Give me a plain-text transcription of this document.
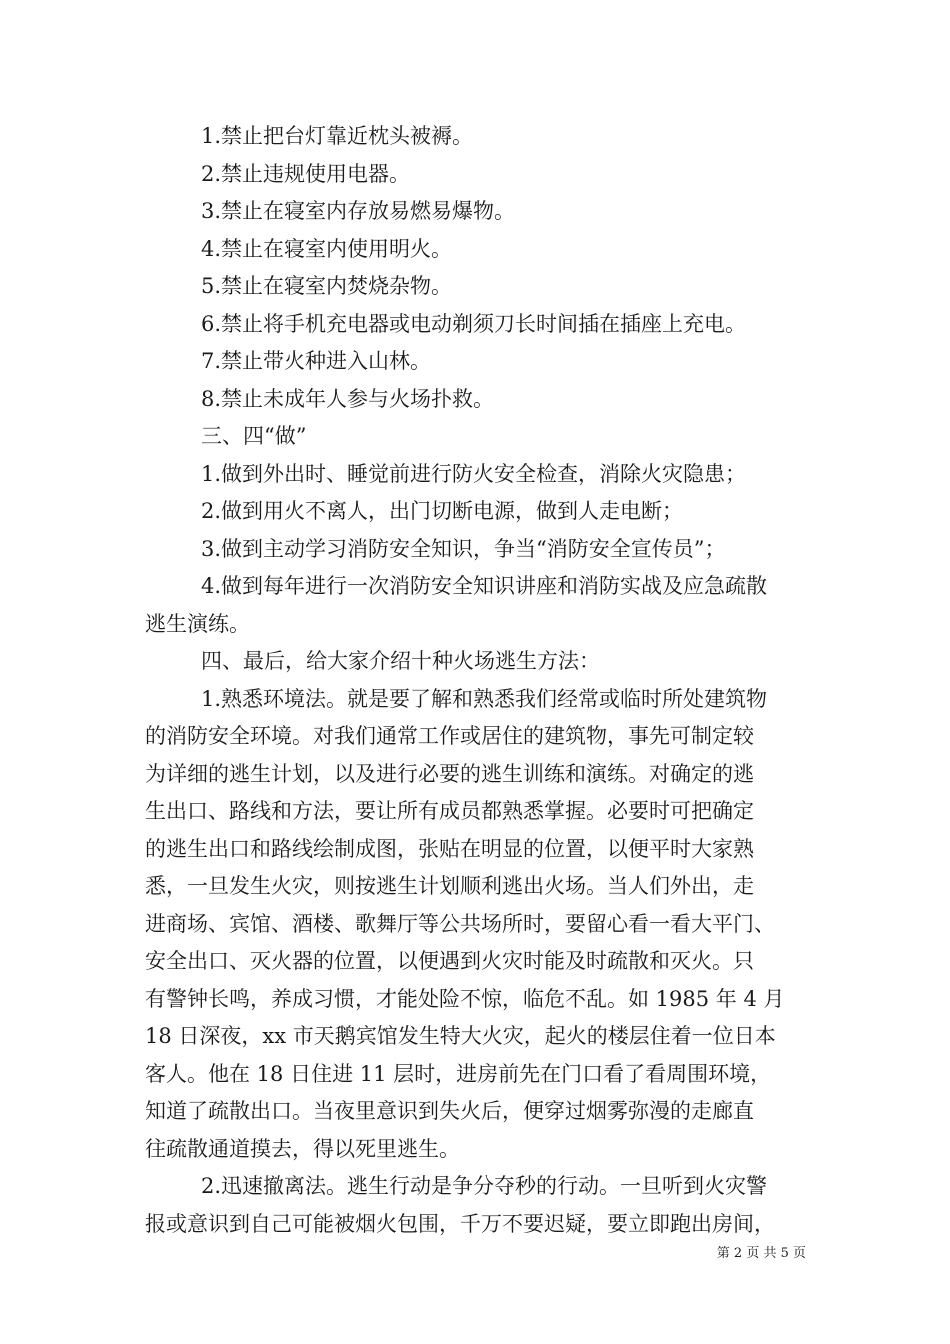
1.禁止把台灯靠近枕头被褥。

2.禁止违规使用电器。

3.禁止在寝室内存放易燃易爆物。

4.禁止在寝室内使用明火。

5.禁止在寝室内焚烧杂物。

6.禁止将手机充电器或电动剃须刀长时间插在插座上充电。

7.禁止带火种进入山林。

8.禁止未成年人参与火场扑救。

三、四“做”

1.做到外出时、睡觉前进行防火安全检查，消除火灾隐患；

2.做到用火不离人，出门切断电源，做到人走电断；

3.做到主动学习消防安全知识，争当“消防安全宣传员”；

4.做到每年进行一次消防安全知识讲座和消防实战及应急疏散

逃生演练。

四、最后，给大家介绍十种火场逃生方法：

1.熟悉环境法。就是要了解和熟悉我们经常或临时所处建筑物

的消防安全环境。对我们通常工作或居住的建筑物，事先可制定较

为详细的逃生计划，以及进行必要的逃生训练和演练。对确定的逃

生出口、路线和方法，要让所有成员都熟悉掌握。必要时可把确定

的逃生出口和路线绘制成图，张贴在明显的位置，以便平时大家熟

悉，一旦发生火灾，则按逃生计划顺利逃出火场。当人们外出，走

进商场、宾馆、酒楼、歌舞厅等公共场所时，要留心看一看大平门、

安全出口、灭火器的位置，以便遇到火灾时能及时疏散和灭火。只

有警钟长鸣，养成习惯，才能处险不惊，临危不乱。如 1985 年 4 月

18 日深夜，xx 市天鹅宾馆发生特大火灾，起火的楼层住着一位日本

客人。他在 18 日住进 11 层时，进房前先在门口看了看周围环境，

知道了疏散出口。当夜里意识到失火后，便穿过烟雾弥漫的走廊直

往疏散通道摸去，得以死里逃生。

2.迅速撤离法。逃生行动是争分夺秒的行动。一旦听到火灾警

报或意识到自己可能被烟火包围，千万不要迟疑，要立即跑出房间，

第 2 页 共 5 页
